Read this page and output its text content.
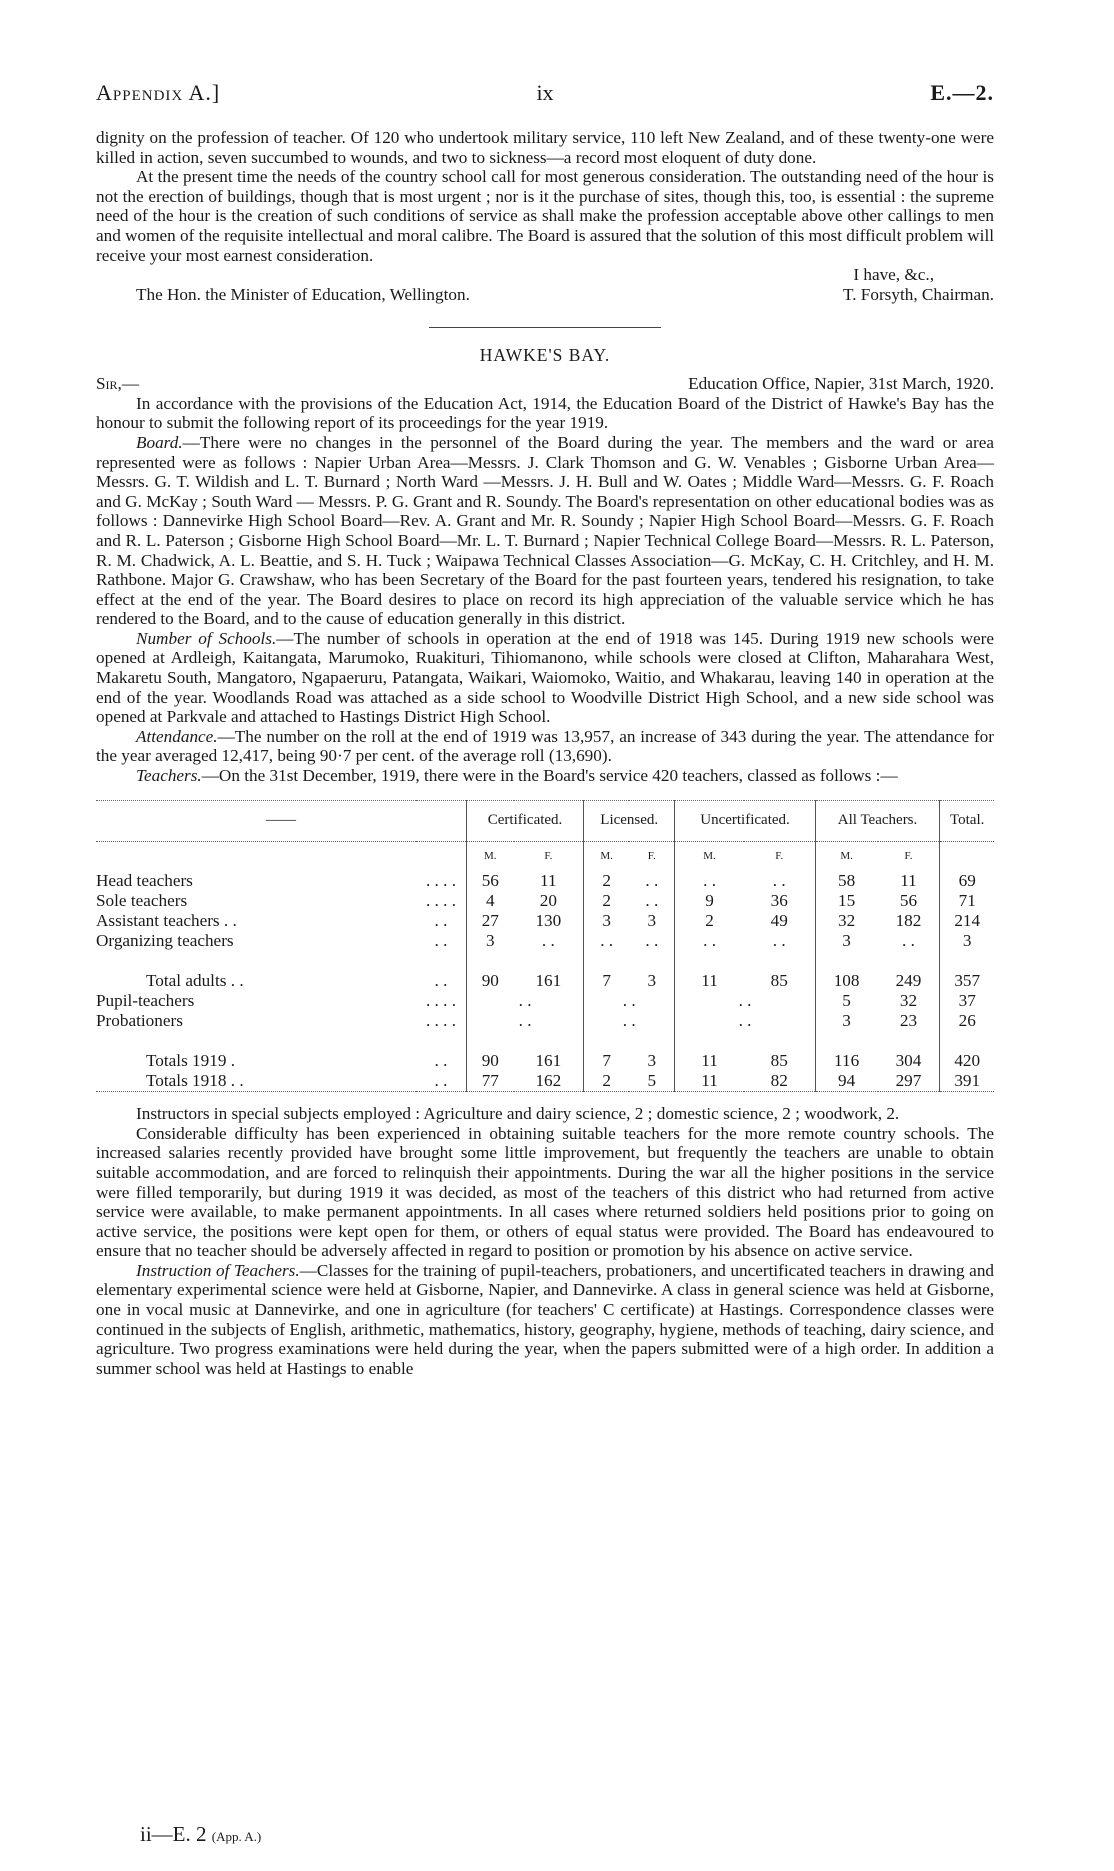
Appendix A.]	ix	E.—2.

dignity on the profession of teacher. Of 120 who undertook military service, 110 left New Zealand, and of these twenty-one were killed in action, seven succumbed to wounds, and two to sickness—a record most eloquent of duty done.

At the present time the needs of the country school call for most generous consideration. The outstanding need of the hour is not the erection of buildings, though that is most urgent ; nor is it the purchase of sites, though this, too, is essential : the supreme need of the hour is the creation of such conditions of service as shall make the profession acceptable above other callings to men and women of the requisite intellectual and moral calibre. The Board is assured that the solution of this most difficult problem will receive your most earnest consideration.

I have, &c.,
The Hon. the Minister of Education, Wellington.	T. Forsyth, Chairman.
HAWKE'S BAY.
Sir,—	Education Office, Napier, 31st March, 1920.

In accordance with the provisions of the Education Act, 1914, the Education Board of the District of Hawke's Bay has the honour to submit the following report of its proceedings for the year 1919.

Board.—There were no changes in the personnel of the Board during the year. The members and the ward or area represented were as follows : Napier Urban Area—Messrs. J. Clark Thomson and G. W. Venables ; Gisborne Urban Area—Messrs. G. T. Wildish and L. T. Burnard ; North Ward —Messrs. J. H. Bull and W. Oates ; Middle Ward—Messrs. G. F. Roach and G. McKay ; South Ward — Messrs. P. G. Grant and R. Soundy. The Board's representation on other educational bodies was as follows : Dannevirke High School Board—Rev. A. Grant and Mr. R. Soundy ; Napier High School Board—Messrs. G. F. Roach and R. L. Paterson ; Gisborne High School Board—Mr. L. T. Burnard ; Napier Technical College Board—Messrs. R. L. Paterson, R. M. Chadwick, A. L. Beattie, and S. H. Tuck ; Waipawa Technical Classes Association—G. McKay, C. H. Critchley, and H. M. Rathbone. Major G. Crawshaw, who has been Secretary of the Board for the past fourteen years, tendered his resignation, to take effect at the end of the year. The Board desires to place on record its high appreciation of the valuable service which he has rendered to the Board, and to the cause of education generally in this district.

Number of Schools.—The number of schools in operation at the end of 1918 was 145. During 1919 new schools were opened at Ardleigh, Kaitangata, Marumoko, Ruakituri, Tihiomanono, while schools were closed at Clifton, Maharahara West, Makaretu South, Mangatoro, Ngapaeruru, Patangata, Waikari, Waiomoko, Waitio, and Whakarau, leaving 140 in operation at the end of the year. Woodlands Road was attached as a side school to Woodville District High School, and a new side school was opened at Parkvale and attached to Hastings District High School.

Attendance.—The number on the roll at the end of 1919 was 13,957, an increase of 343 during the year. The attendance for the year averaged 12,417, being 90·7 per cent. of the average roll (13,690).

Teachers.—On the 31st December, 1919, there were in the Board's service 420 teachers, classed as follows :—

——		Certificated.		Licensed.		Uncertificated.		All Teachers.		Total.
		M.	F.	M.	F.	M.	F.	M.	F.	
Head teachers	. . . .	56	11	2	. .	. .	. .	58	11	69
Sole teachers	. . . .	4	20	2	. .	9	36	15	56	71
Assistant teachers . .	. .	27	130	3	3	2	49	32	182	214
Organizing teachers	. .	3	. .	. .	. .	. .	. .	3	. .	3

Total adults . .	. .	90	161	7	3	11	85	108	249	357
Pupil-teachers	. . . .	. .		. .		. .		5	32	37
Probationers	. . . .	. .		. .		. .		3	23	26

Totals 1919 .	. .	90	161	7	3	11	85	116	304	420
Totals 1918 . .	. .	77	162	2	5	11	82	94	297	391

Instructors in special subjects employed : Agriculture and dairy science, 2 ; domestic science, 2 ; woodwork, 2.

Considerable difficulty has been experienced in obtaining suitable teachers for the more remote country schools. The increased salaries recently provided have brought some little improvement, but frequently the teachers are unable to obtain suitable accommodation, and are forced to relinquish their appointments. During the war all the higher positions in the service were filled temporarily, but during 1919 it was decided, as most of the teachers of this district who had returned from active service were available, to make permanent appointments. In all cases where returned soldiers held positions prior to going on active service, the positions were kept open for them, or others of equal status were provided. The Board has endeavoured to ensure that no teacher should be adversely affected in regard to position or promotion by his absence on active service.

Instruction of Teachers.—Classes for the training of pupil-teachers, probationers, and uncertificated teachers in drawing and elementary experimental science were held at Gisborne, Napier, and Dannevirke. A class in general science was held at Gisborne, one in vocal music at Dannevirke, and one in agriculture (for teachers' C certificate) at Hastings. Correspondence classes were continued in the subjects of English, arithmetic, mathematics, history, geography, hygiene, methods of teaching, dairy science, and agriculture. Two progress examinations were held during the year, when the papers submitted were of a high order. In addition a summer school was held at Hastings to enable

ii—E. 2 (App. A.)
